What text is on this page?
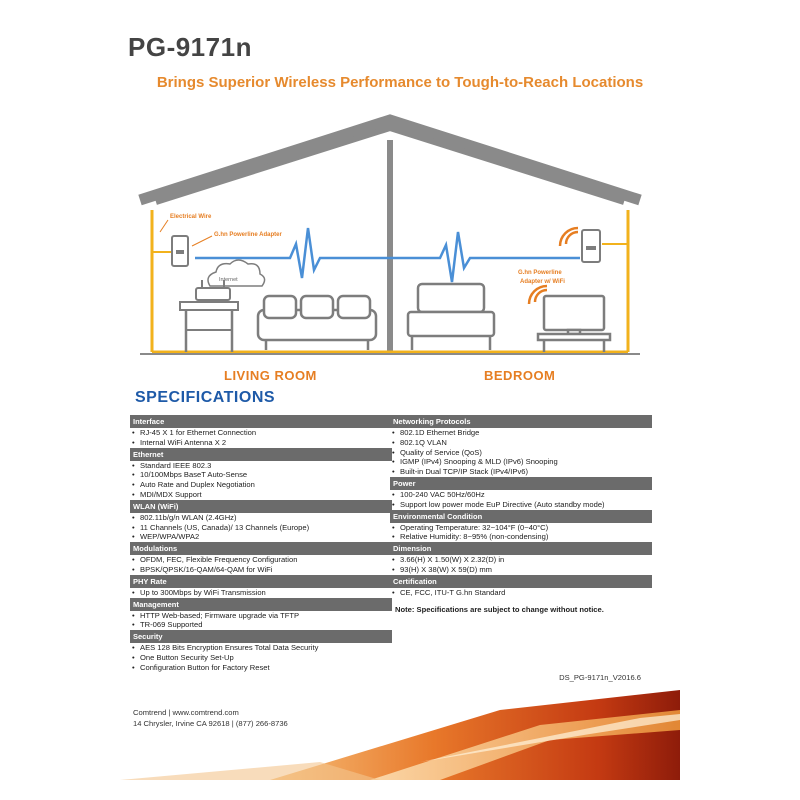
PG-9171n
Brings Superior Wireless Performance to Tough-to-Reach Locations
Internet
Electrical Wire
G.hn Powerline Adapter
G.hn Powerline
Adapter w/ WiFi
LIVING ROOM	BEDROOM
SPECIFICATIONS
Interface
• RJ-45 X 1 for Ethernet Connection
• Internal WiFi Antenna X 2
Ethernet
• Standard IEEE 802.3
• 10/100Mbps BaseT Auto-Sense
• Auto Rate and Duplex Negotiation
• MDI/MDX Support
WLAN (WiFi)
• 802.11b/g/n WLAN (2.4GHz)
• 11 Channels (US, Canada)/ 13 Channels (Europe)
• WEP/WPA/WPA2
Modulations
• OFDM, FEC, Flexible Frequency Configuration
• BPSK/QPSK/16-QAM/64-QAM for WiFi
PHY Rate
• Up to 300Mbps by WiFi Transmission
Management
• HTTP Web-based; Firmware upgrade via TFTP
• TR-069 Supported
Security
• AES 128 Bits Encryption Ensures Total Data Security
• One Button Security Set-Up
• Configuration Button for Factory Reset
Networking Protocols
• 802.1D Ethernet Bridge
• 802.1Q VLAN
• Quality of Service (QoS)
• IGMP (IPv4) Snooping & MLD (IPv6) Snooping
• Built-in Dual TCP/IP Stack (IPv4/IPv6)
Power
• 100-240 VAC 50Hz/60Hz
• Support low power mode EuP Directive (Auto standby mode)
Environmental Condition
• Operating Temperature: 32~104°F (0~40°C)
• Relative Humidity: 8~95% (non-condensing)
Dimension
• 3.66(H) X 1.50(W) X 2.32(D) in
• 93(H) X 38(W) X 59(D) mm
Certification
• CE, FCC, ITU-T G.hn Standard
Note: Specifications are subject to change without notice.
DS_PG-9171n_V2016.6
Comtrend | www.comtrend.com
14 Chrysler, Irvine CA 92618 | (877) 266-8736
